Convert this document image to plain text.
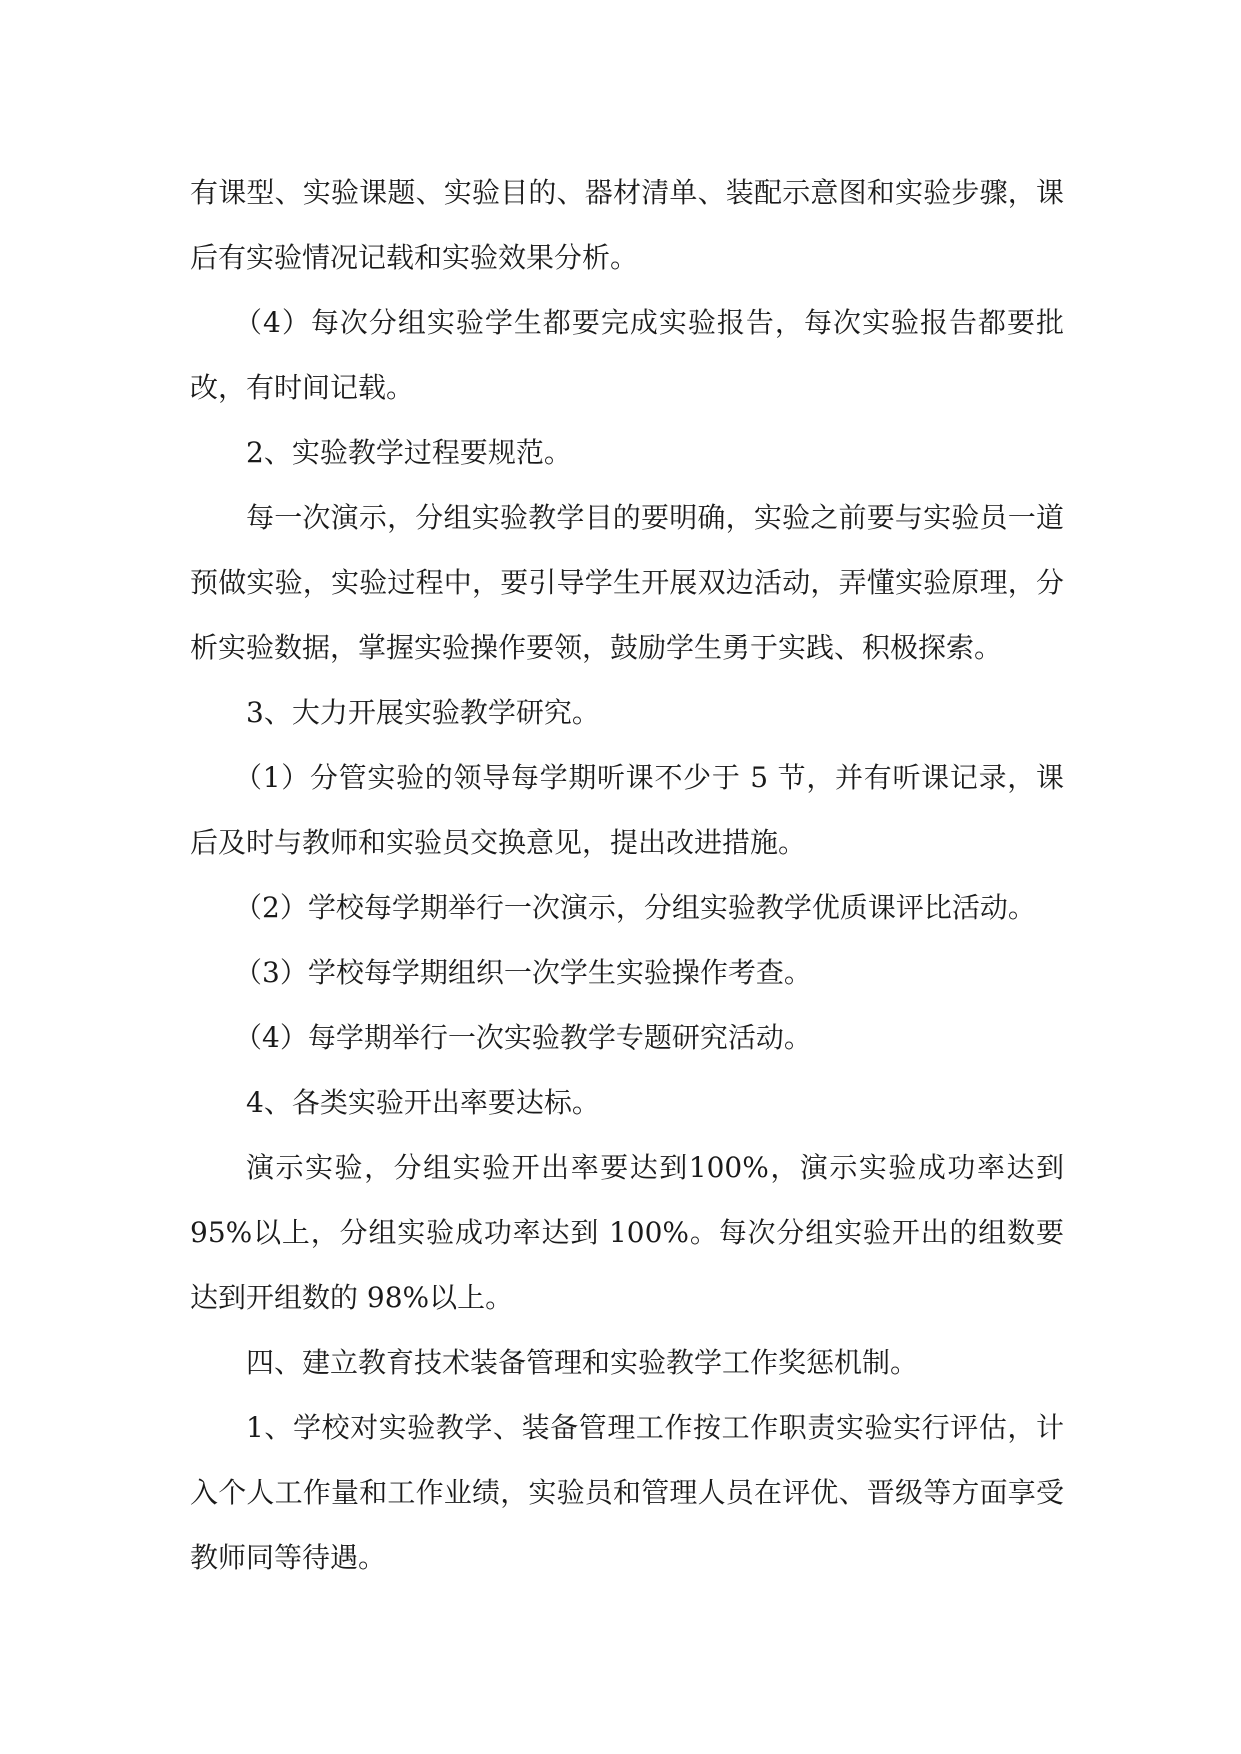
有课型、实验课题、实验目的、器材清单、装配示意图和实验步骤，课后有实验情况记载和实验效果分析。

（4）每次分组实验学生都要完成实验报告，每次实验报告都要批改，有时间记载。

2、实验教学过程要规范。

每一次演示，分组实验教学目的要明确，实验之前要与实验员一道预做实验，实验过程中，要引导学生开展双边活动，弄懂实验原理，分析实验数据，掌握实验操作要领，鼓励学生勇于实践、积极探索。

3、大力开展实验教学研究。

（1）分管实验的领导每学期听课不少于 5 节，并有听课记录，课后及时与教师和实验员交换意见，提出改进措施。

（2）学校每学期举行一次演示，分组实验教学优质课评比活动。

（3）学校每学期组织一次学生实验操作考查。

（4）每学期举行一次实验教学专题研究活动。

4、各类实验开出率要达标。

演示实验，分组实验开出率要达到100%，演示实验成功率达到95%以上，分组实验成功率达到 100%。每次分组实验开出的组数要达到开组数的 98%以上。

四、建立教育技术装备管理和实验教学工作奖惩机制。

1、学校对实验教学、装备管理工作按工作职责实验实行评估，计入个人工作量和工作业绩，实验员和管理人员在评优、晋级等方面享受教师同等待遇。
